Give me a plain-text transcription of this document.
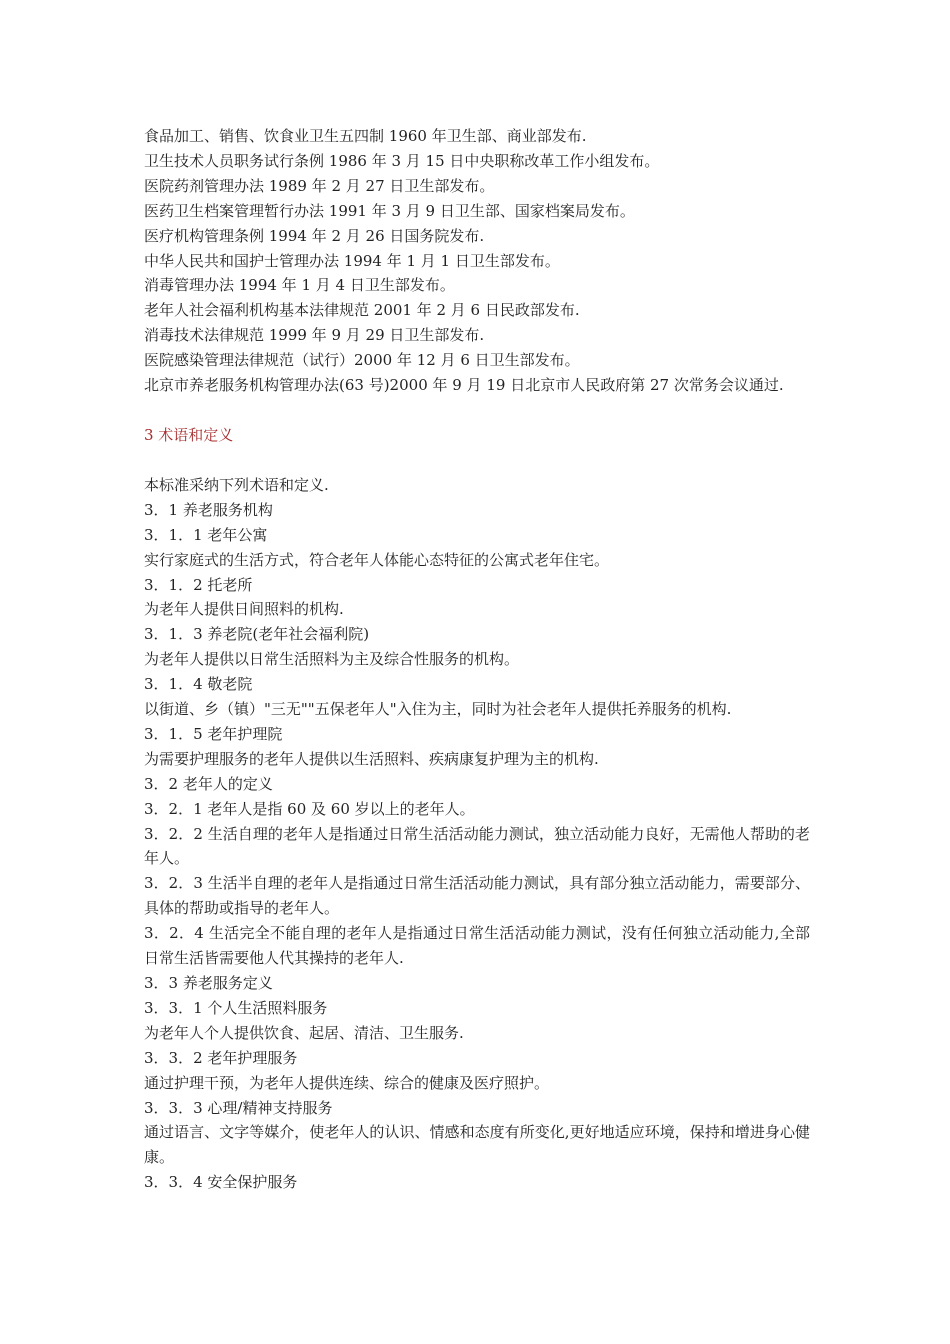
食品加工、销售、饮食业卫生五四制 1960 年卫生部、商业部发布.
卫生技术人员职务试行条例 1986 年 3 月 15 日中央职称改革工作小组发布。
医院药剂管理办法 1989 年 2 月 27 日卫生部发布。
医药卫生档案管理暂行办法 1991 年 3 月 9 日卫生部、国家档案局发布。
医疗机构管理条例 1994 年 2 月 26 日国务院发布.
中华人民共和国护士管理办法 1994 年 1 月 1 日卫生部发布。
消毒管理办法 1994 年 1 月 4 日卫生部发布。
老年人社会福利机构基本法律规范 2001 年 2 月 6 日民政部发布.
消毒技术法律规范 1999 年 9 月 29 日卫生部发布.
医院感染管理法律规范（试行）2000 年 12 月 6 日卫生部发布。
北京市养老服务机构管理办法(63 号)2000 年 9 月 19 日北京市人民政府第 27 次常务会议通过.
3 术语和定义
本标准采纳下列术语和定义.
3．1 养老服务机构
3．1．1 老年公寓
实行家庭式的生活方式，符合老年人体能心态特征的公寓式老年住宅。
3．1．2 托老所
为老年人提供日间照料的机构.
3．1．3 养老院(老年社会福利院)
为老年人提供以日常生活照料为主及综合性服务的机构。
3．1．4 敬老院
以街道、乡（镇）"三无""五保老年人"入住为主，同时为社会老年人提供托养服务的机构.
3．1．5 老年护理院
为需要护理服务的老年人提供以生活照料、疾病康复护理为主的机构.
3．2 老年人的定义
3．2．1 老年人是指 60 及 60 岁以上的老年人。
3．2．2 生活自理的老年人是指通过日常生活活动能力测试，独立活动能力良好，无需他人帮助的老年人。
3．2．3 生活半自理的老年人是指通过日常生活活动能力测试，具有部分独立活动能力，需要部分、具体的帮助或指导的老年人。
3．2．4 生活完全不能自理的老年人是指通过日常生活活动能力测试，没有任何独立活动能力,全部日常生活皆需要他人代其操持的老年人.
3．3 养老服务定义
3．3．1 个人生活照料服务
为老年人个人提供饮食、起居、清洁、卫生服务.
3．3．2 老年护理服务
通过护理干预，为老年人提供连续、综合的健康及医疗照护。
3．3．3 心理/精神支持服务
通过语言、文字等媒介，使老年人的认识、情感和态度有所变化,更好地适应环境，保持和增进身心健康。
3．3．4 安全保护服务
